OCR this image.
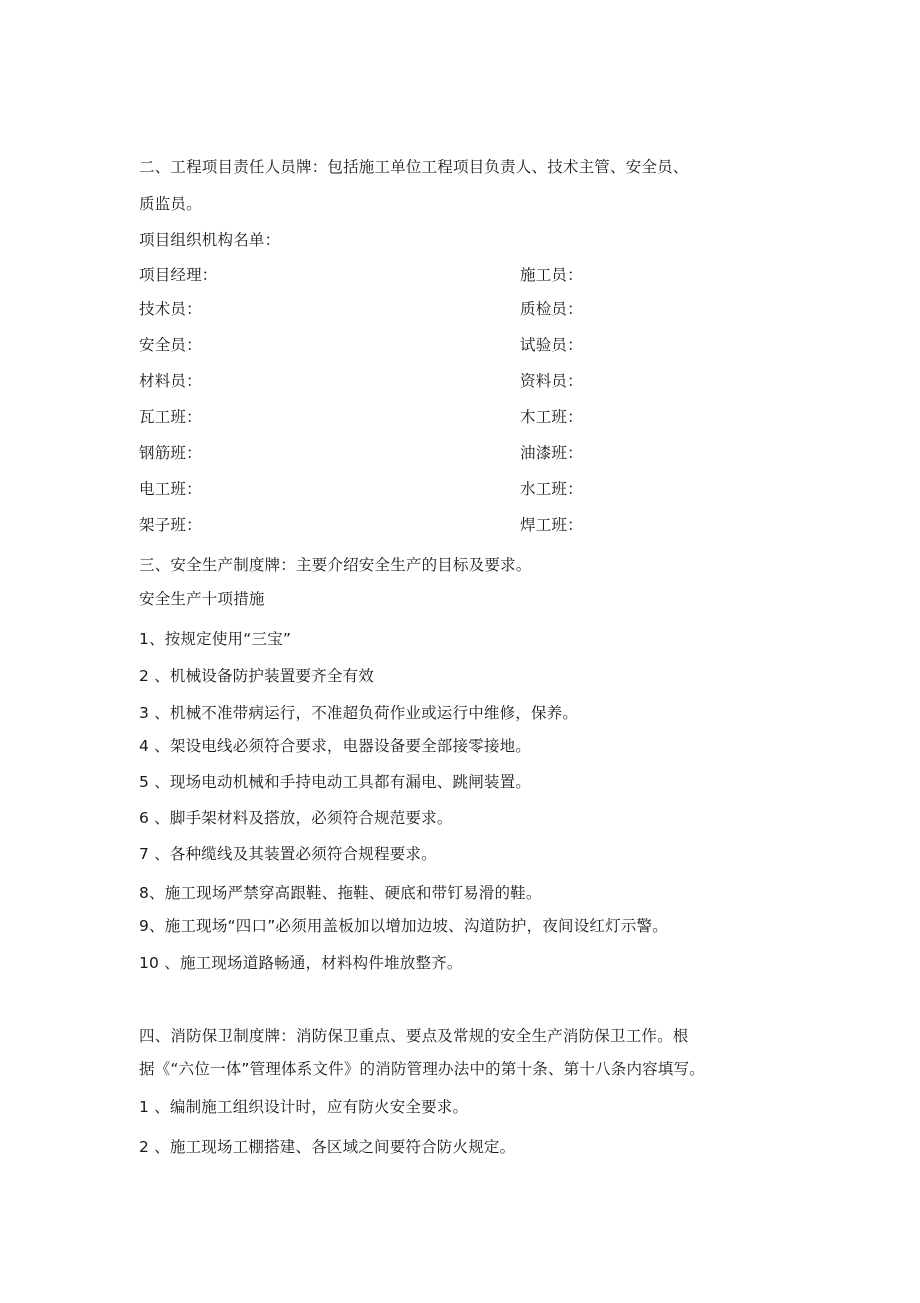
二、工程项目责任人员牌：包括施工单位工程项目负责人、技术主管、安全员、
质监员。
项目组织机构名单：
项目经理：	施工员：
技术员：	质检员：
安全员：	试验员：
材料员：	资料员：
瓦工班：	木工班：
钢筋班：	油漆班：
电工班：	水工班：
架子班：	焊工班：
三、安全生产制度牌：主要介绍安全生产的目标及要求。
安全生产十项措施
1、按规定使用“三宝”
2 、机械设备防护装置要齐全有效
3 、机械不准带病运行，不准超负荷作业或运行中维修，保养。
4 、架设电线必须符合要求，电器设备要全部接零接地。
5 、现场电动机械和手持电动工具都有漏电、跳闸装置。
6 、脚手架材料及搭放，必须符合规范要求。
7 、各种缆线及其装置必须符合规程要求。
8、施工现场严禁穿高跟鞋、拖鞋、硬底和带钉易滑的鞋。
9、施工现场“四口”必须用盖板加以增加边坡、沟道防护，夜间设红灯示警。
10 、施工现场道路畅通，材料构件堆放整齐。
四、消防保卫制度牌：消防保卫重点、要点及常规的安全生产消防保卫工作。根
据《“六位一体”管理体系文件》的消防管理办法中的第十条、第十八条内容填写。
1 、编制施工组织设计时，应有防火安全要求。
2 、施工现场工棚搭建、各区域之间要符合防火规定。
